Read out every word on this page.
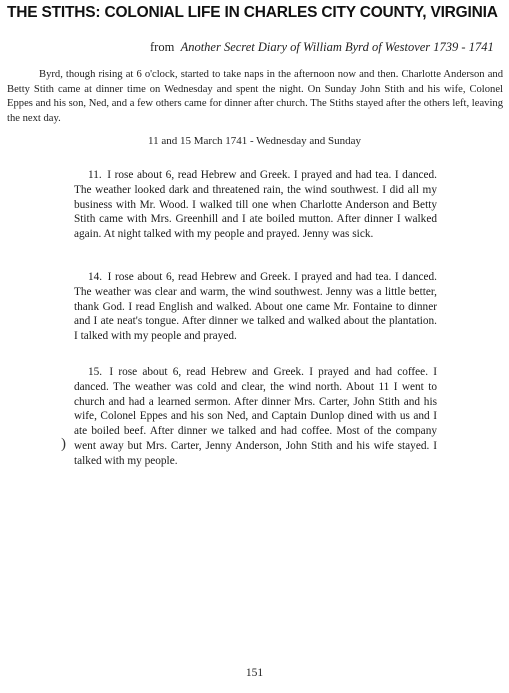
THE STITHS: COLONIAL LIFE IN CHARLES CITY COUNTY, VIRGINIA
from Another Secret Diary of William Byrd of Westover 1739 - 1741

Byrd, though rising at 6 o'clock, started to take naps in the afternoon now and then. Charlotte Anderson and Betty Stith came at dinner time on Wednesday and spent the night. On Sunday John Stith and his wife, Colonel Eppes and his son, Ned, and a few others came for dinner after church. The Stiths stayed after the others left, leaving the next day.

11 and 15 March 1741 - Wednesday and Sunday

11. I rose about 6, read Hebrew and Greek. I prayed and had tea. I danced. The weather looked dark and threatened rain, the wind southwest. I did all my business with Mr. Wood. I walked till one when Charlotte Anderson and Betty Stith came with Mrs. Greenhill and I ate boiled mutton. After dinner I walked again. At night talked with my people and prayed. Jenny was sick.

14. I rose about 6, read Hebrew and Greek. I prayed and had tea. I danced. The weather was clear and warm, the wind southwest. Jenny was a little better, thank God. I read English and walked. About one came Mr. Fontaine to dinner and I ate neat's tongue. After dinner we talked and walked about the plantation. I talked with my people and prayed.

15. I rose about 6, read Hebrew and Greek. I prayed and had coffee. I danced. The weather was cold and clear, the wind north. About 11 I went to church and had a learned sermon. After dinner Mrs. Carter, John Stith and his wife, Colonel Eppes and his son Ned, and Captain Dunlop dined with us and I ate boiled beef. After dinner we talked and had coffee. Most of the company went away but Mrs. Carter, Jenny Anderson, John Stith and his wife stayed. I talked with my people.

)
151
